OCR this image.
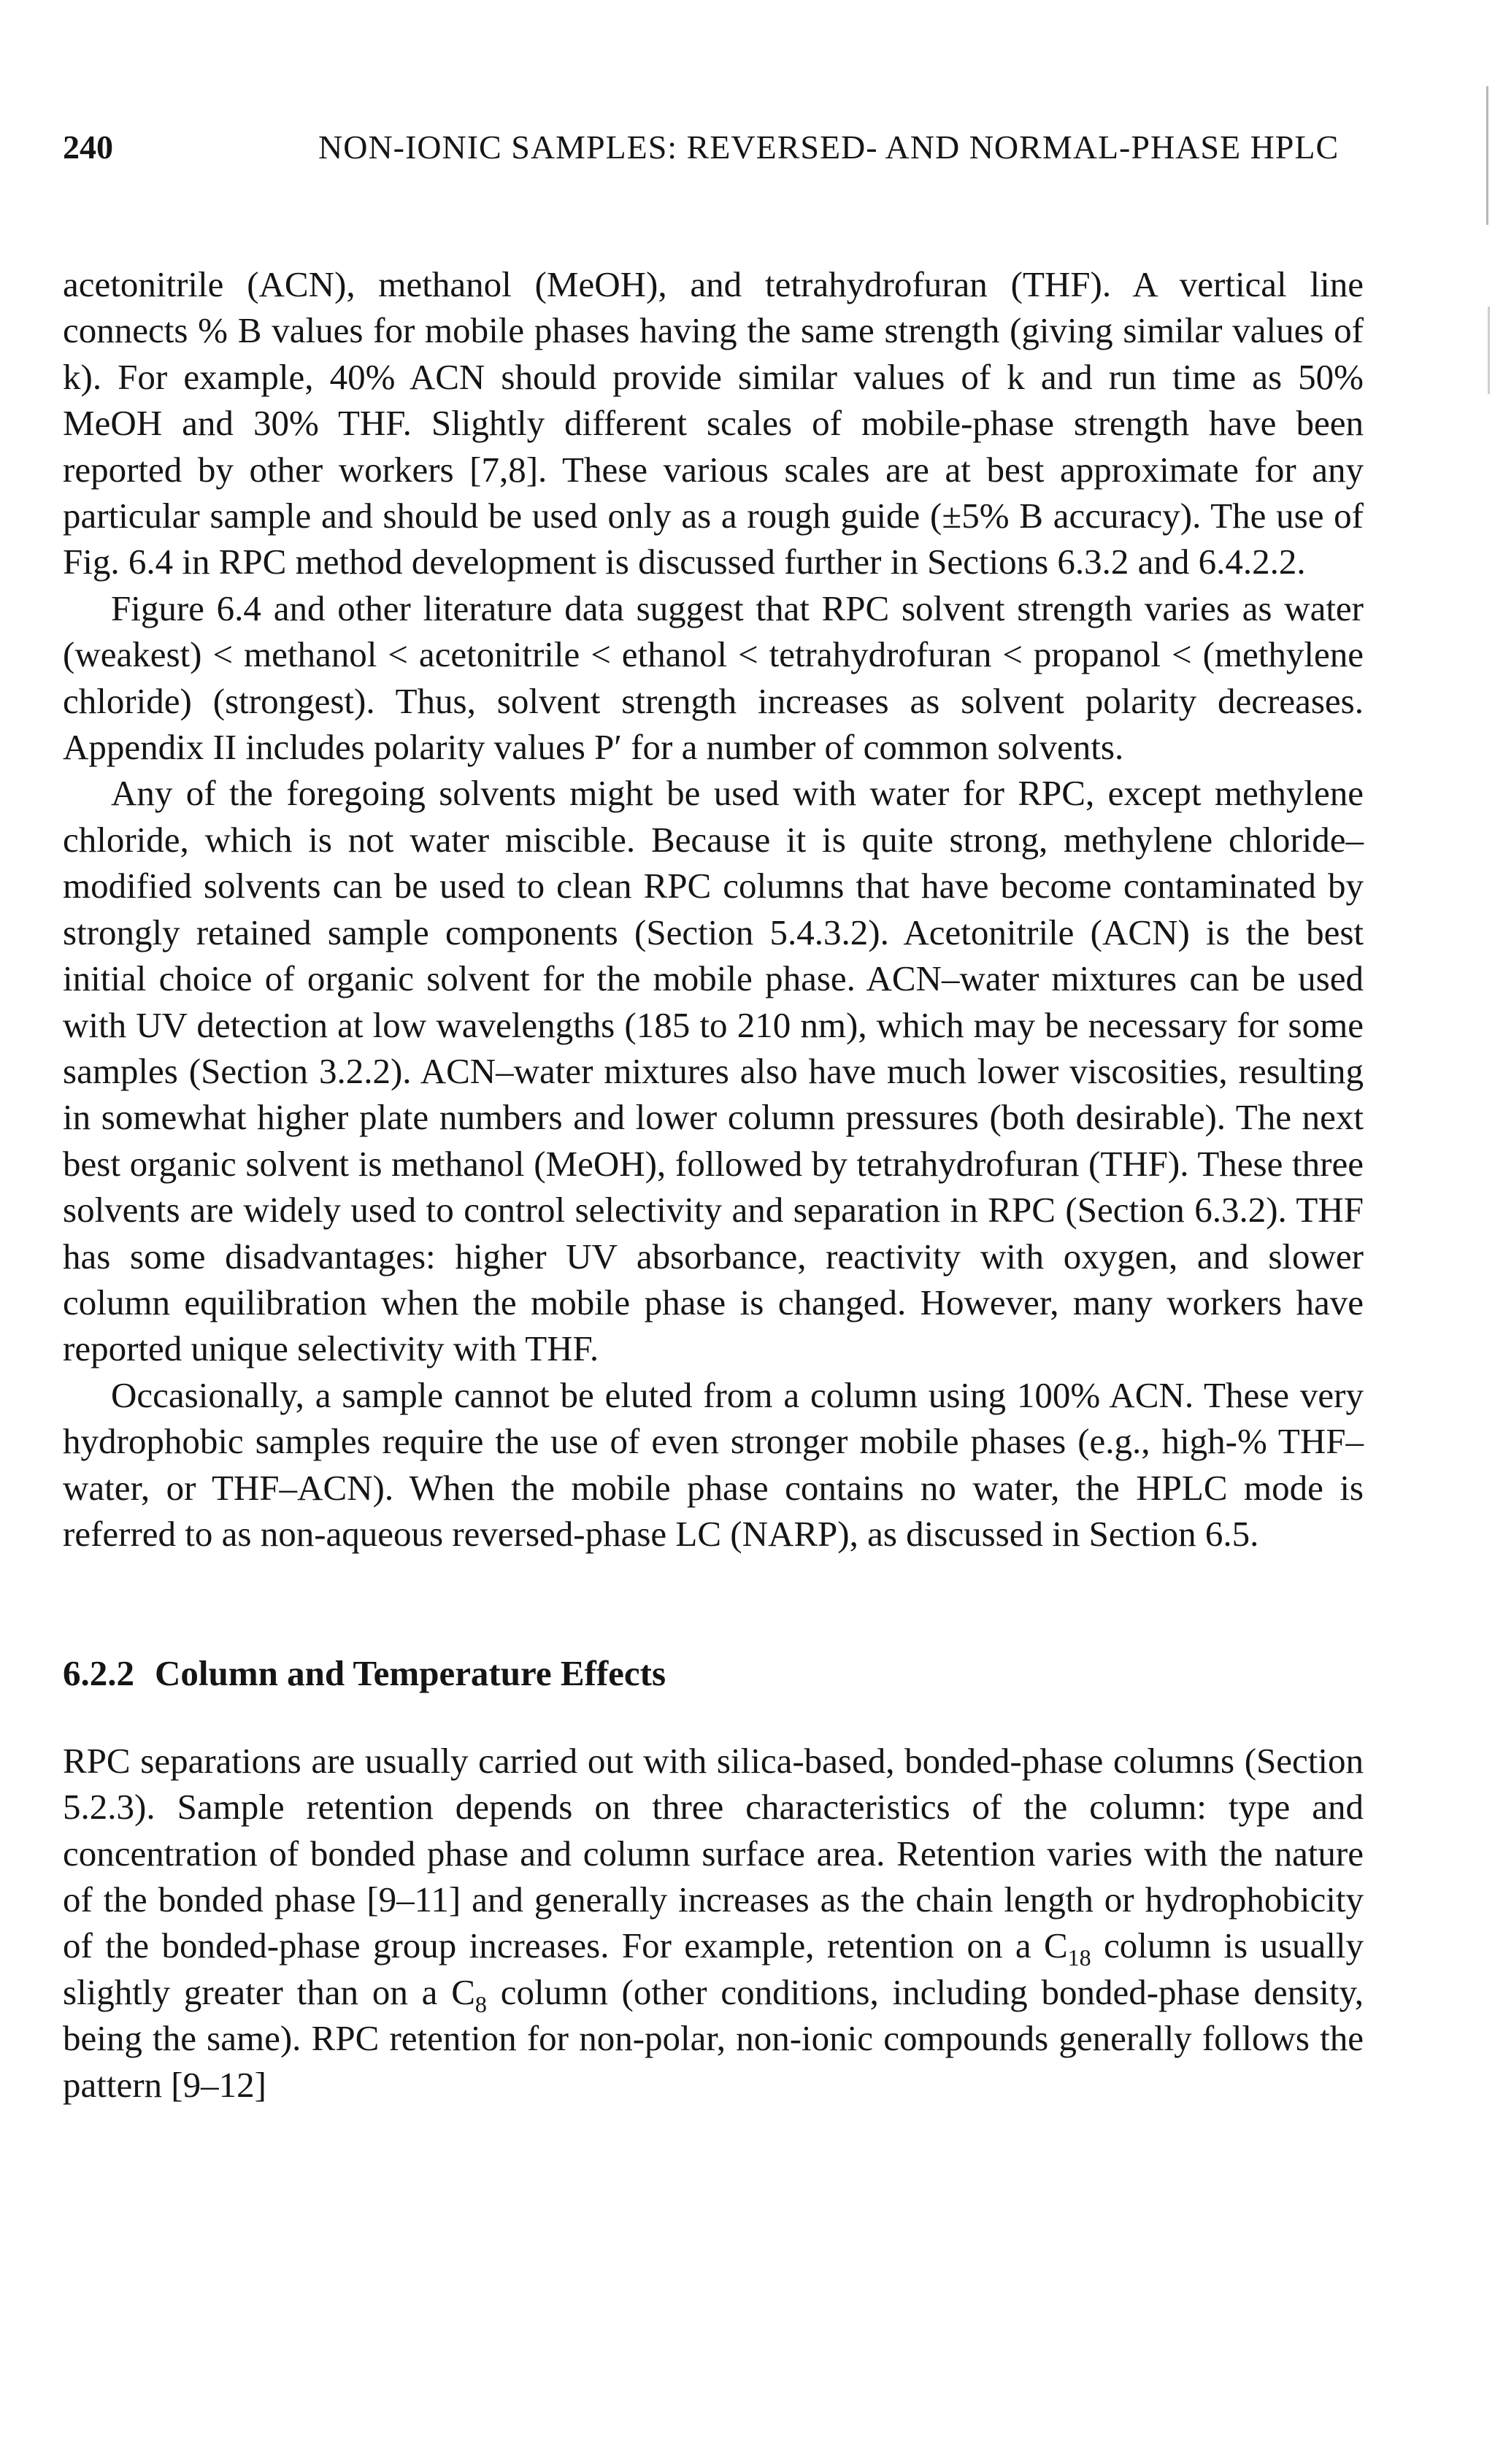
240	NON-IONIC SAMPLES: REVERSED- AND NORMAL-PHASE HPLC

acetonitrile (ACN), methanol (MeOH), and tetrahydrofuran (THF). A vertical line connects % B values for mobile phases having the same strength (giving similar values of k). For example, 40% ACN should provide similar values of k and run time as 50% MeOH and 30% THF. Slightly different scales of mobile-phase strength have been reported by other workers [7,8]. These various scales are at best approximate for any particular sample and should be used only as a rough guide (±5% B accuracy). The use of Fig. 6.4 in RPC method development is discussed further in Sections 6.3.2 and 6.4.2.2.

Figure 6.4 and other literature data suggest that RPC solvent strength varies as water (weakest) < methanol < acetonitrile < ethanol < tetrahydrofuran < propanol < (methylene chloride) (strongest). Thus, solvent strength increases as solvent polarity decreases. Appendix II includes polarity values P′ for a number of common solvents.

Any of the foregoing solvents might be used with water for RPC, except methylene chloride, which is not water miscible. Because it is quite strong, methylene chloride–modified solvents can be used to clean RPC columns that have become contaminated by strongly retained sample components (Section 5.4.3.2). Acetonitrile (ACN) is the best initial choice of organic solvent for the mobile phase. ACN–water mixtures can be used with UV detection at low wavelengths (185 to 210 nm), which may be necessary for some samples (Section 3.2.2). ACN–water mixtures also have much lower viscosities, resulting in somewhat higher plate numbers and lower column pressures (both desirable). The next best organic solvent is methanol (MeOH), followed by tetrahydrofuran (THF). These three solvents are widely used to control selectivity and separation in RPC (Section 6.3.2). THF has some disadvantages: higher UV absorbance, reactivity with oxygen, and slower column equilibration when the mobile phase is changed. However, many workers have reported unique selectivity with THF.

Occasionally, a sample cannot be eluted from a column using 100% ACN. These very hydrophobic samples require the use of even stronger mobile phases (e.g., high-% THF–water, or THF–ACN). When the mobile phase contains no water, the HPLC mode is referred to as non-aqueous reversed-phase LC (NARP), as discussed in Section 6.5.

6.2.2 Column and Temperature Effects

RPC separations are usually carried out with silica-based, bonded-phase columns (Section 5.2.3). Sample retention depends on three characteristics of the column: type and concentration of bonded phase and column surface area. Retention varies with the nature of the bonded phase [9–11] and generally increases as the chain length or hydrophobicity of the bonded-phase group increases. For example, retention on a $C_{18}$ column is usually slightly greater than on a $C_8$ column (other conditions, including bonded-phase density, being the same). RPC retention for non-polar, non-ionic compounds generally follows the pattern [9–12]
